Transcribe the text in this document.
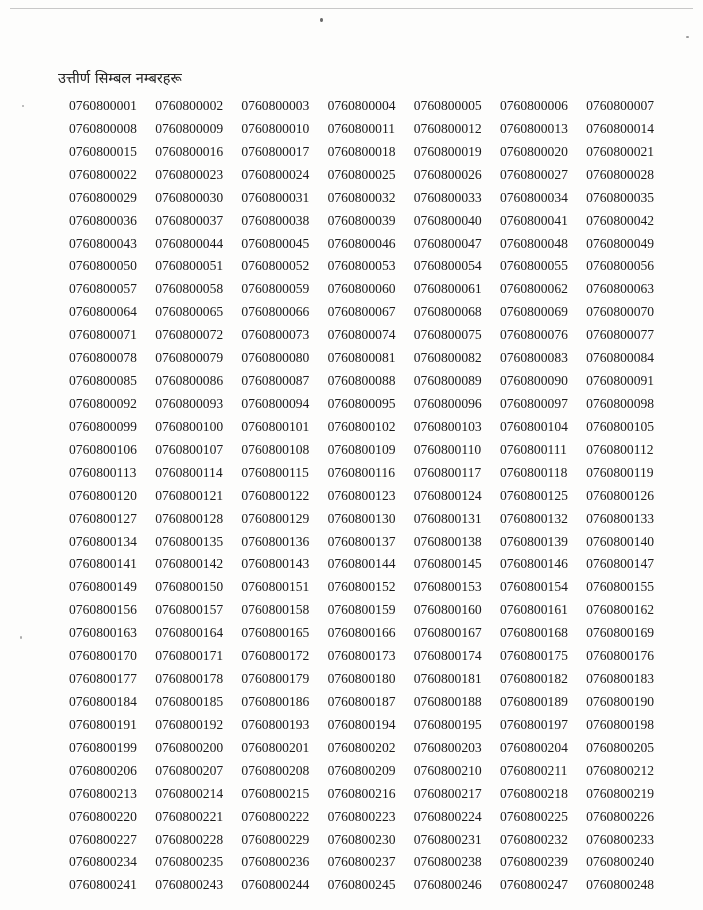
उत्तीर्ण सिम्बल नम्बरहरू
0760800001	0760800002	0760800003	0760800004	0760800005	0760800006	0760800007
0760800008	0760800009	0760800010	0760800011	0760800012	0760800013	0760800014
0760800015	0760800016	0760800017	0760800018	0760800019	0760800020	0760800021
0760800022	0760800023	0760800024	0760800025	0760800026	0760800027	0760800028
0760800029	0760800030	0760800031	0760800032	0760800033	0760800034	0760800035
0760800036	0760800037	0760800038	0760800039	0760800040	0760800041	0760800042
0760800043	0760800044	0760800045	0760800046	0760800047	0760800048	0760800049
0760800050	0760800051	0760800052	0760800053	0760800054	0760800055	0760800056
0760800057	0760800058	0760800059	0760800060	0760800061	0760800062	0760800063
0760800064	0760800065	0760800066	0760800067	0760800068	0760800069	0760800070
0760800071	0760800072	0760800073	0760800074	0760800075	0760800076	0760800077
0760800078	0760800079	0760800080	0760800081	0760800082	0760800083	0760800084
0760800085	0760800086	0760800087	0760800088	0760800089	0760800090	0760800091
0760800092	0760800093	0760800094	0760800095	0760800096	0760800097	0760800098
0760800099	0760800100	0760800101	0760800102	0760800103	0760800104	0760800105
0760800106	0760800107	0760800108	0760800109	0760800110	0760800111	0760800112
0760800113	0760800114	0760800115	0760800116	0760800117	0760800118	0760800119
0760800120	0760800121	0760800122	0760800123	0760800124	0760800125	0760800126
0760800127	0760800128	0760800129	0760800130	0760800131	0760800132	0760800133
0760800134	0760800135	0760800136	0760800137	0760800138	0760800139	0760800140
0760800141	0760800142	0760800143	0760800144	0760800145	0760800146	0760800147
0760800149	0760800150	0760800151	0760800152	0760800153	0760800154	0760800155
0760800156	0760800157	0760800158	0760800159	0760800160	0760800161	0760800162
0760800163	0760800164	0760800165	0760800166	0760800167	0760800168	0760800169
0760800170	0760800171	0760800172	0760800173	0760800174	0760800175	0760800176
0760800177	0760800178	0760800179	0760800180	0760800181	0760800182	0760800183
0760800184	0760800185	0760800186	0760800187	0760800188	0760800189	0760800190
0760800191	0760800192	0760800193	0760800194	0760800195	0760800197	0760800198
0760800199	0760800200	0760800201	0760800202	0760800203	0760800204	0760800205
0760800206	0760800207	0760800208	0760800209	0760800210	0760800211	0760800212
0760800213	0760800214	0760800215	0760800216	0760800217	0760800218	0760800219
0760800220	0760800221	0760800222	0760800223	0760800224	0760800225	0760800226
0760800227	0760800228	0760800229	0760800230	0760800231	0760800232	0760800233
0760800234	0760800235	0760800236	0760800237	0760800238	0760800239	0760800240
0760800241	0760800243	0760800244	0760800245	0760800246	0760800247	0760800248
